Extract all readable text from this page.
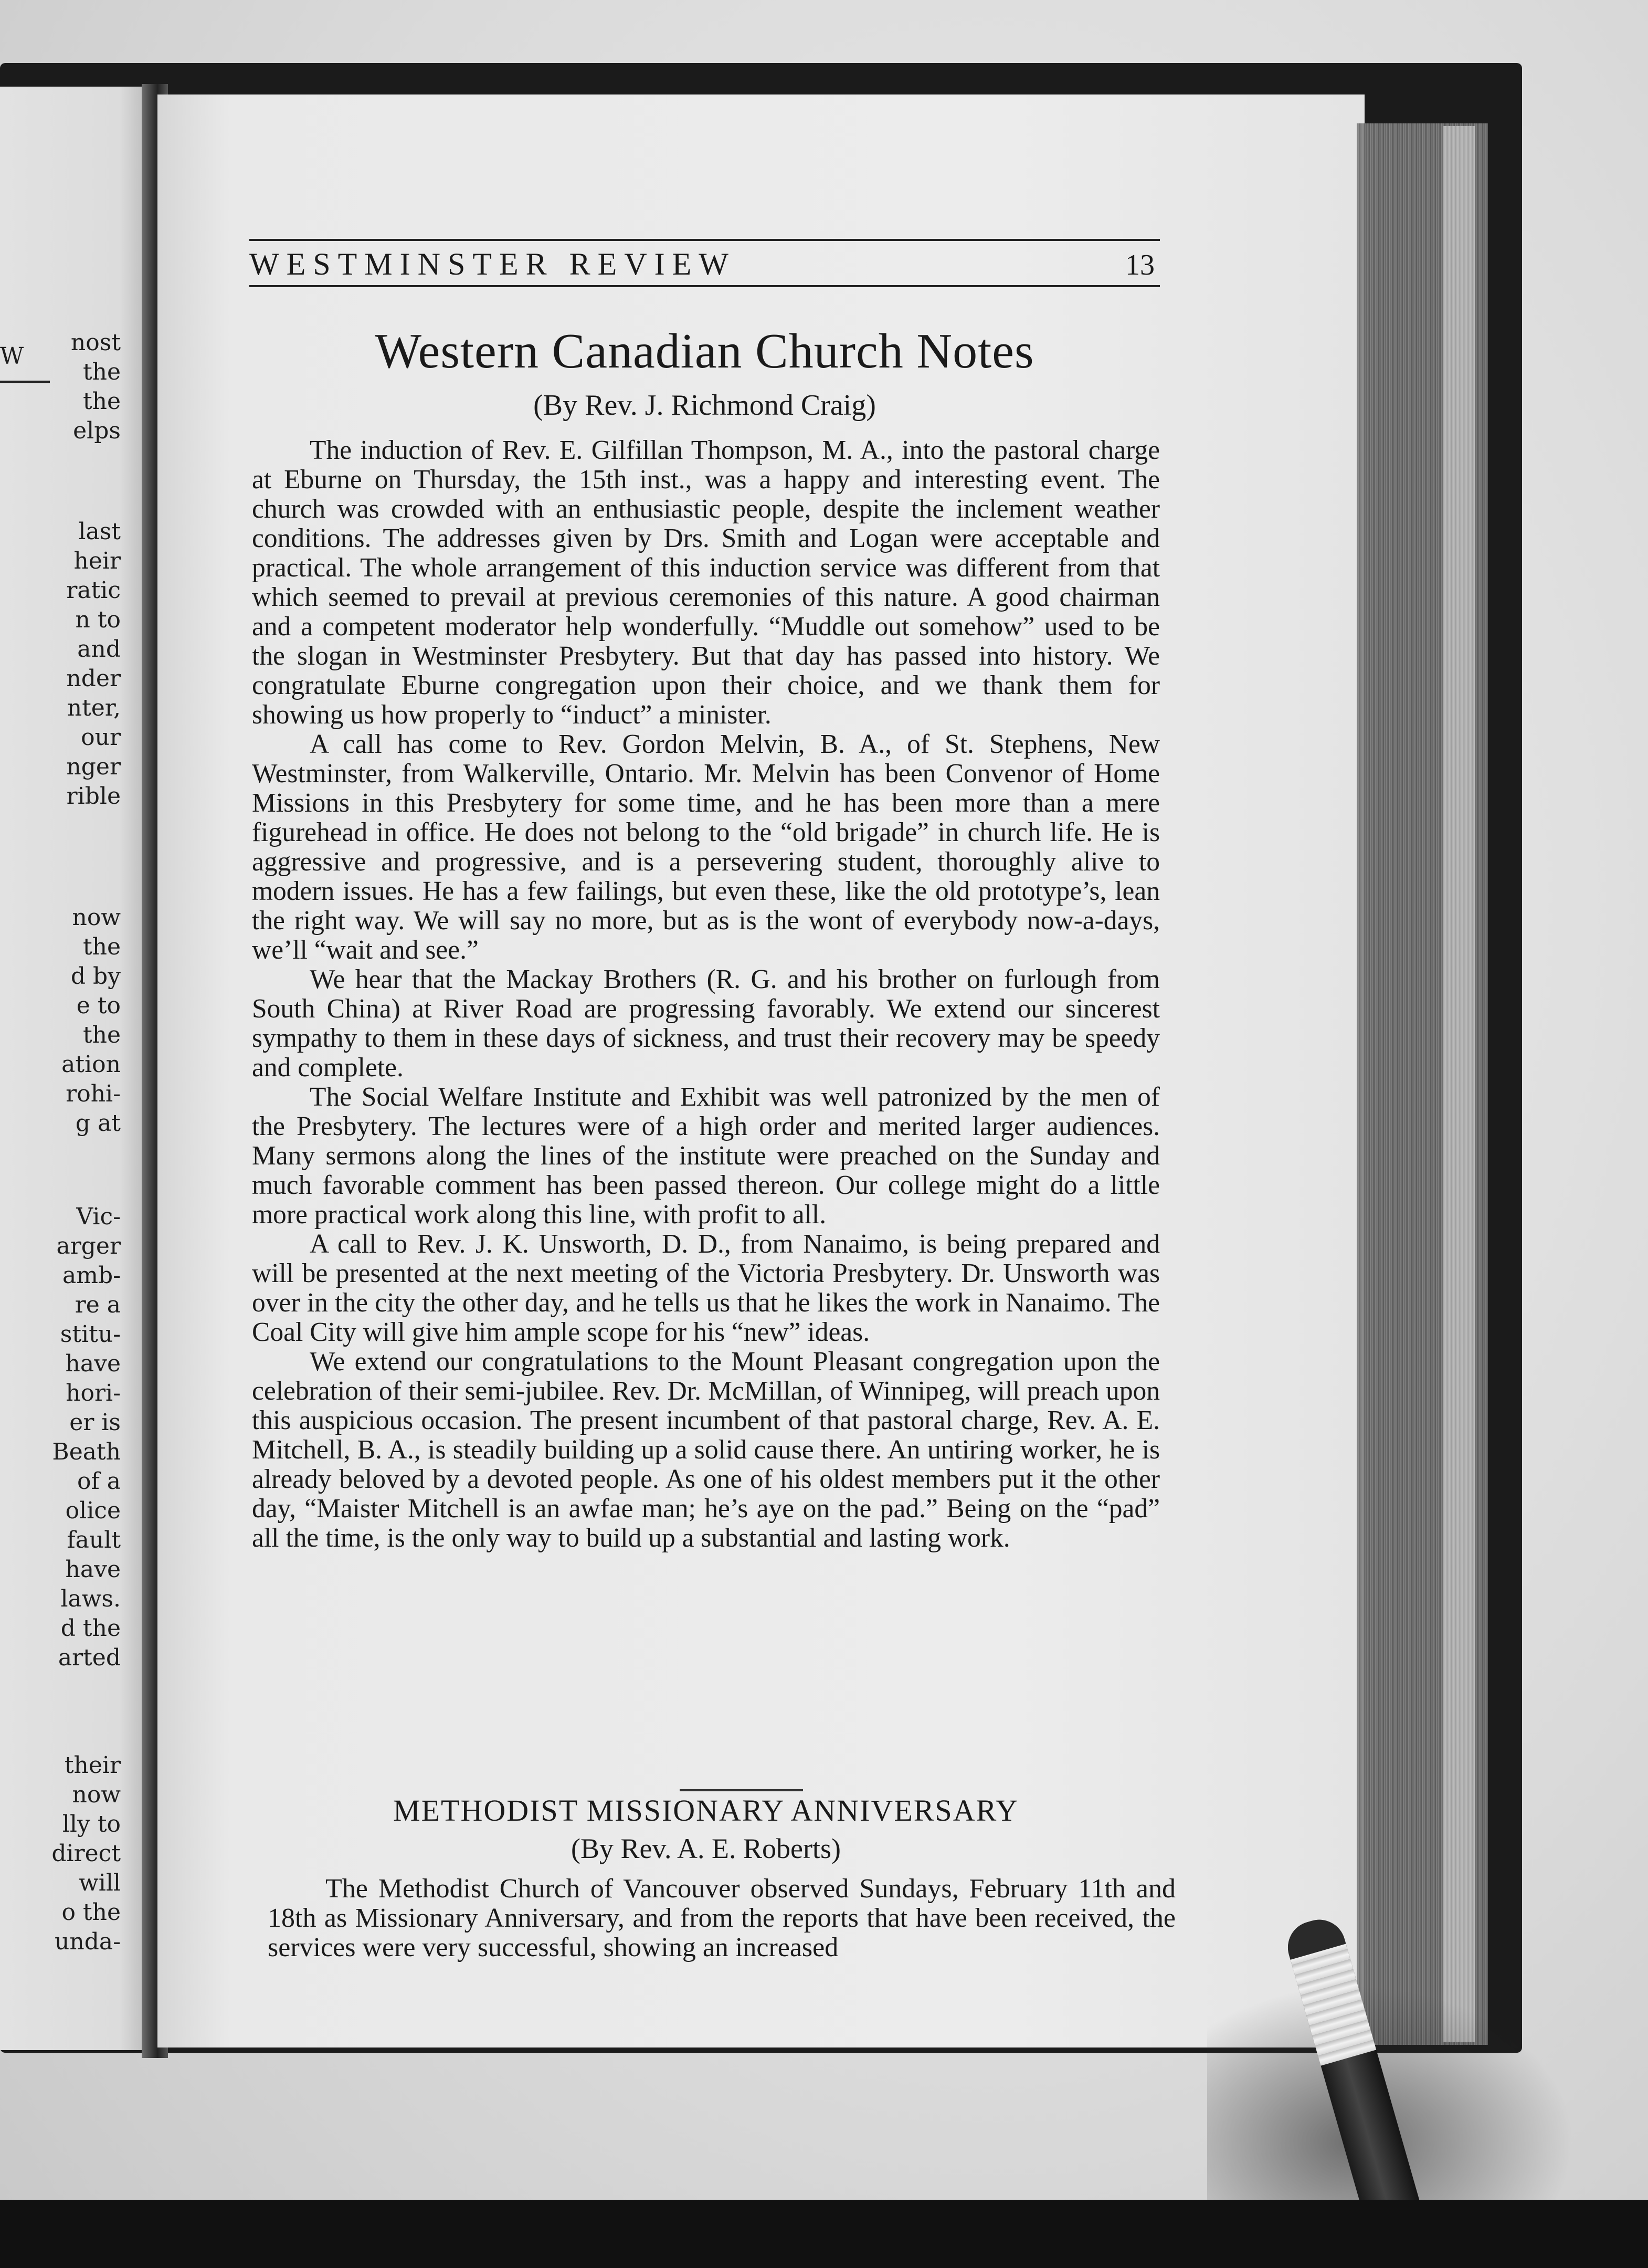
W
nost
the
the
elps
last
heir
ratic
n to
and
nder
nter,
our
nger
rible
now
the
d by
e to
the
ation
rohi-
g at
Vic-
arger
amb-
re a
stitu-
have
hori-
er is
Beath
of a
olice
fault
have
laws.
d the
arted
their
now
lly to
direct
will
o the
unda-
WESTMINSTER REVIEW	13
Western Canadian Church Notes
(By Rev. J. Richmond Craig)

The induction of Rev. E. Gilfillan Thompson, M. A., into the pastoral charge at Eburne on Thursday, the 15th inst., was a happy and interesting event. The church was crowded with an enthusiastic people, despite the inclement weather conditions. The addresses given by Drs. Smith and Logan were acceptable and practical. The whole arrangement of this induction service was different from that which seemed to prevail at previous ceremonies of this nature. A good chairman and a competent moderator help wonderfully. “Muddle out somehow” used to be the slogan in Westminster Presbytery. But that day has passed into history. We congratulate Eburne congregation upon their choice, and we thank them for showing us how properly to “induct” a minister.

A call has come to Rev. Gordon Melvin, B. A., of St. Stephens, New Westminster, from Walkerville, Ontario. Mr. Melvin has been Convenor of Home Missions in this Presbytery for some time, and he has been more than a mere figurehead in office. He does not belong to the “old brigade” in church life. He is aggressive and progressive, and is a persevering student, thoroughly alive to modern issues. He has a few failings, but even these, like the old prototype’s, lean the right way. We will say no more, but as is the wont of everybody now-a-days, we’ll “wait and see.”

We hear that the Mackay Brothers (R. G. and his brother on furlough from South China) at River Road are progressing favorably. We extend our sincerest sympathy to them in these days of sickness, and trust their recovery may be speedy and complete.

The Social Welfare Institute and Exhibit was well patronized by the men of the Presbytery. The lectures were of a high order and merited larger audiences. Many sermons along the lines of the institute were preached on the Sunday and much favorable comment has been passed thereon. Our college might do a little more practical work along this line, with profit to all.

A call to Rev. J. K. Unsworth, D. D., from Nanaimo, is being prepared and will be presented at the next meeting of the Victoria Presbytery. Dr. Unsworth was over in the city the other day, and he tells us that he likes the work in Nanaimo. The Coal City will give him ample scope for his “new” ideas.

We extend our congratulations to the Mount Pleasant congregation upon the celebration of their semi-jubilee. Rev. Dr. McMillan, of Winnipeg, will preach upon this auspicious occasion. The present incumbent of that pastoral charge, Rev. A. E. Mitchell, B. A., is steadily building up a solid cause there. An untiring worker, he is already beloved by a devoted people. As one of his oldest members put it the other day, “Maister Mitchell is an awfae man; he’s aye on the pad.” Being on the “pad” all the time, is the only way to build up a substantial and lasting work.

METHODIST MISSIONARY ANNIVERSARY
(By Rev. A. E. Roberts)

The Methodist Church of Vancouver observed Sundays, February 11th and 18th as Missionary Anniversary, and from the reports that have been received, the services were very successful, showing an increased
